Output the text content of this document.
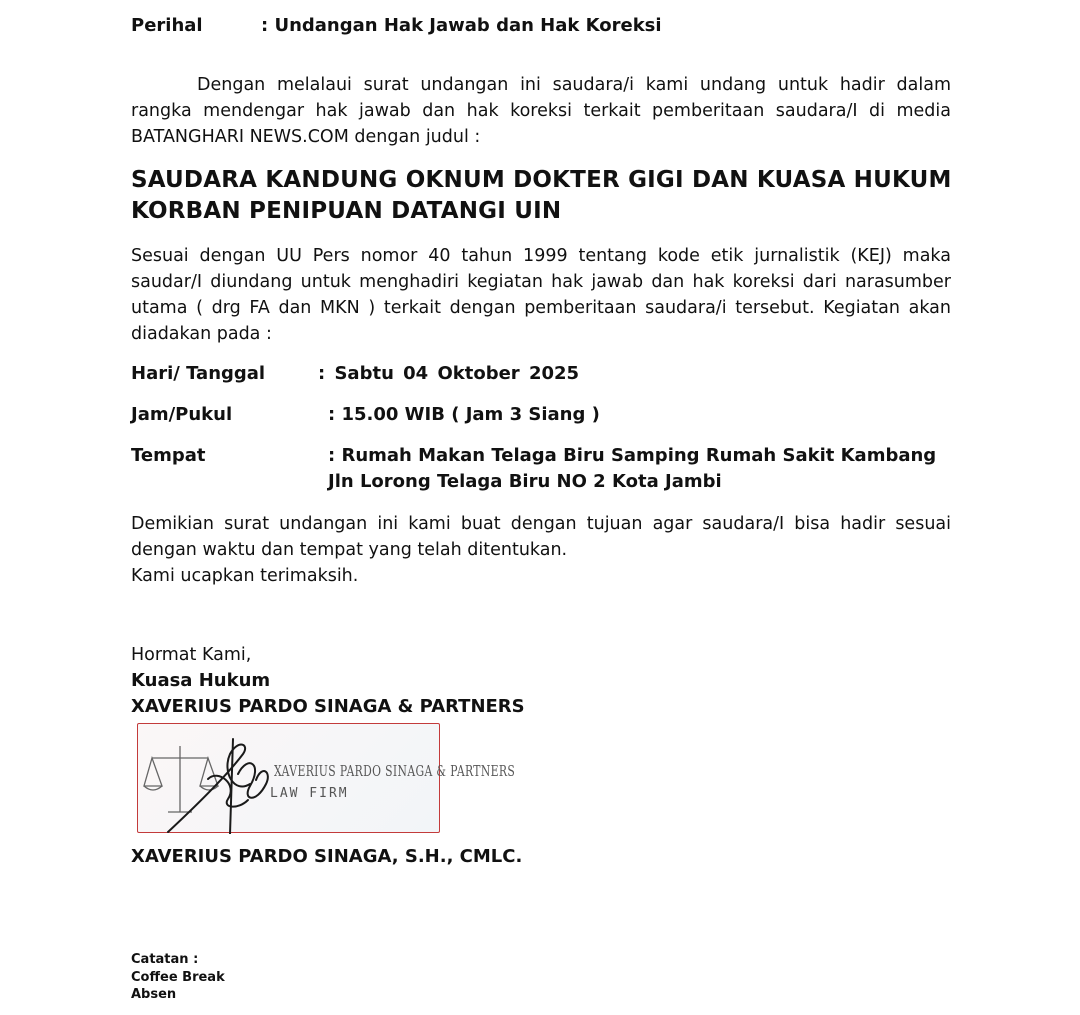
Perihal	: Undangan Hak Jawab dan Hak Koreksi
Dengan melalaui surat undangan ini saudara/i kami undang untuk hadir dalam rangka mendengar hak jawab dan hak koreksi terkait pemberitaan saudara/I di media BATANGHARI NEWS.COM dengan judul :
SAUDARA KANDUNG OKNUM DOKTER GIGI DAN KUASA HUKUM
KORBAN PENIPUAN DATANGI UIN
Sesuai dengan UU Pers nomor 40 tahun 1999 tentang kode etik jurnalistik (KEJ) maka saudar/I diundang untuk menghadiri kegiatan hak jawab dan hak koreksi dari narasumber utama ( drg FA dan MKN ) terkait dengan pemberitaan saudara/i tersebut. Kegiatan akan diadakan pada :
Hari/ Tanggal	: Sabtu 04 Oktober 2025
Jam/Pukul	: 15.00 WIB ( Jam 3 Siang )
Tempat	: Rumah Makan Telaga Biru Samping Rumah Sakit Kambang
Jln Lorong Telaga Biru NO 2 Kota Jambi
Demikian surat undangan ini kami buat dengan tujuan agar saudara/I bisa hadir sesuai dengan waktu dan tempat yang telah ditentukan.
Kami ucapkan terimaksih.
Hormat Kami,
Kuasa Hukum
XAVERIUS PARDO SINAGA & PARTNERS
XAVERIUS PARDO SINAGA & PARTNERS
LAW FIRM
XAVERIUS PARDO SINAGA, S.H., CMLC.
Catatan :
Coffee Break
Absen
